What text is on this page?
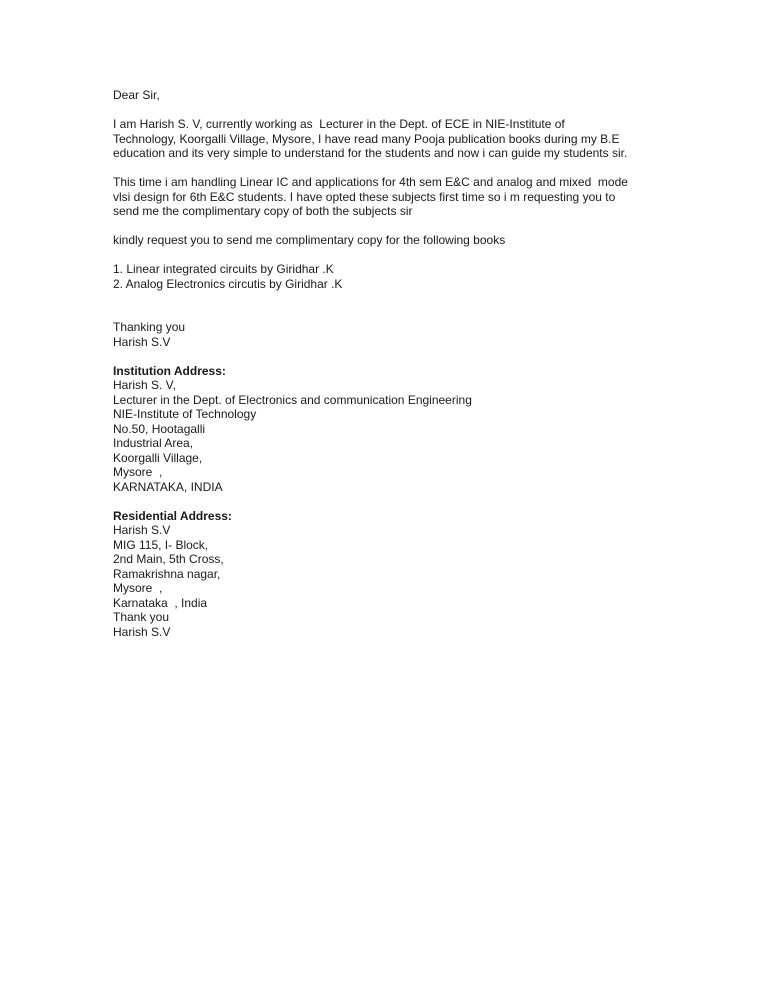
Dear Sir,
I am Harish S. V, currently working as  Lecturer in the Dept. of ECE in NIE-Institute of
Technology, Koorgalli Village, Mysore, I have read many Pooja publication books during my B.E
education and its very simple to understand for the students and now i can guide my students sir.
This time i am handling Linear IC and applications for 4th sem E&C and analog and mixed  mode
vlsi design for 6th E&C students. I have opted these subjects first time so i m requesting you to
send me the complimentary copy of both the subjects sir
kindly request you to send me complimentary copy for the following books
1. Linear integrated circuits by Giridhar .K
2. Analog Electronics circutis by Giridhar .K
Thanking you
Harish S.V
Institution Address:
Harish S. V,
Lecturer in the Dept. of Electronics and communication Engineering
NIE-Institute of Technology
No.50, Hootagalli
Industrial Area,
Koorgalli Village,
Mysore  ,
KARNATAKA, INDIA
Residential Address:
Harish S.V
MIG 115, I- Block,
2nd Main, 5th Cross,
Ramakrishna nagar,
Mysore  ,
Karnataka  , India
Thank you
Harish S.V
